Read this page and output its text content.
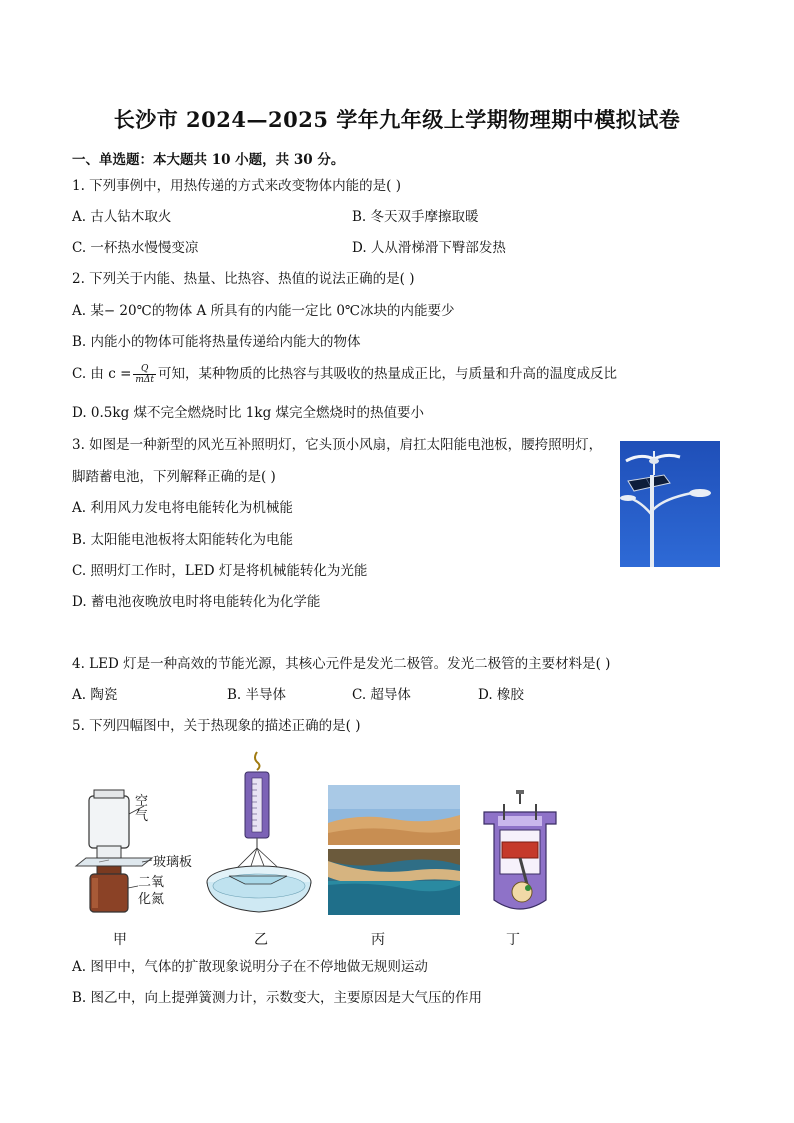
长沙市 2024—2025 学年九年级上学期物理期中模拟试卷
一、单选题：本大题共 10 小题，共 30 分。
1. 下列事例中，用热传递的方式来改变物体内能的是( )
A. 古人钻木取火	B. 冬天双手摩擦取暖
C. 一杯热水慢慢变凉	D. 人从滑梯滑下臀部发热
2. 下列关于内能、热量、比热容、热值的说法正确的是( )
A. 某− 20℃的物体 A 所具有的内能一定比 0℃冰块的内能要少
B. 内能小的物体可能将热量传递给内能大的物体
C. 由 $c = \frac{Q}{\text{mΔt}}$ 可知，某种物质的比热容与其吸收的热量成正比，与质量和升高的温度成反比
D. 0.5kg 煤不完全燃烧时比 1kg 煤完全燃烧时的热值要小
3. 如图是一种新型的风光互补照明灯，它头顶小风扇，肩扛太阳能电池板，腰挎照明灯，
脚踏蓄电池，下列解释正确的是( )
A. 利用风力发电将电能转化为机械能
B. 太阳能电池板将太阳能转化为电能
C. 照明灯工作时，LED 灯是将机械能转化为光能
D. 蓄电池夜晚放电时将电能转化为化学能
4. LED 灯是一种高效的节能光源，其核心元件是发光二极管。发光二极管的主要材料是( )
A. 陶瓷	B. 半导体	C. 超导体	D. 橡胶
5. 下列四幅图中，关于热现象的描述正确的是( )
空气
玻璃板
二氧
化氮
甲	乙	丙	丁
A. 图甲中，气体的扩散现象说明分子在不停地做无规则运动
B. 图乙中，向上提弹簧测力计，示数变大，主要原因是大气压的作用
